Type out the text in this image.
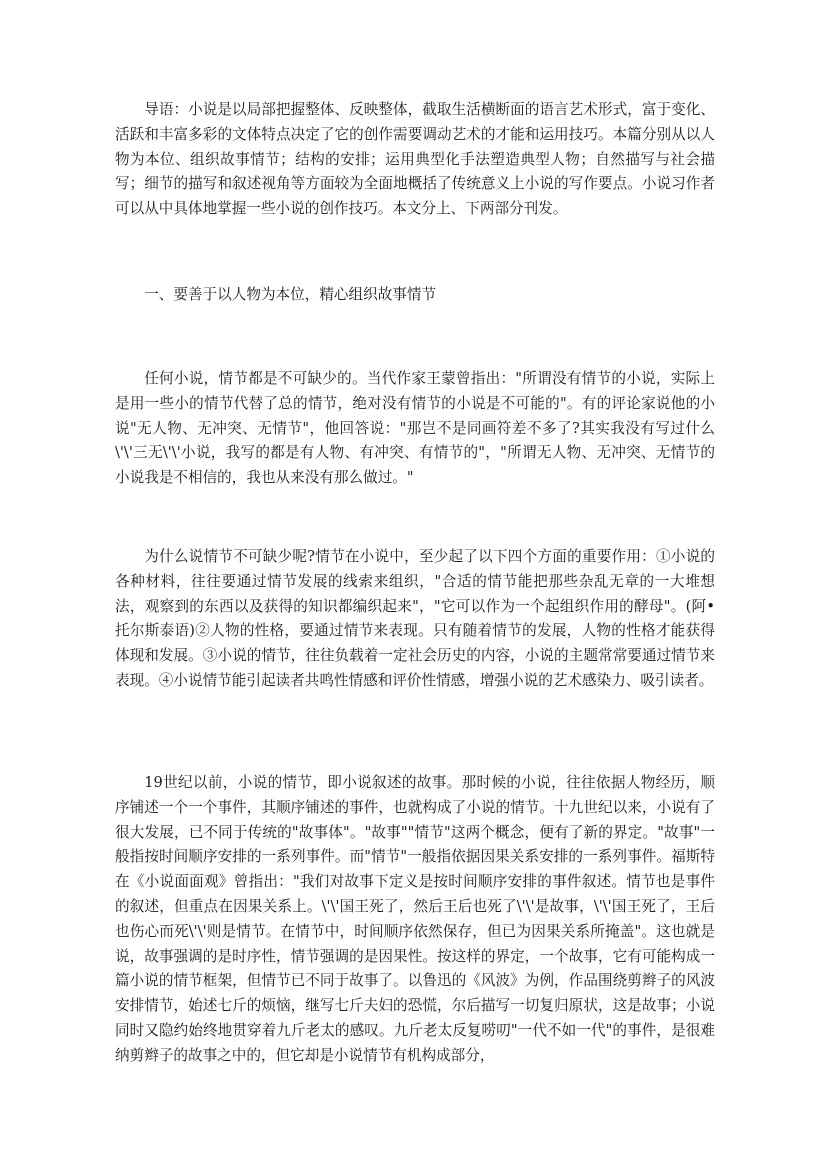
导语：小说是以局部把握整体、反映整体，截取生活横断面的语言艺术形式，富于变化、活跃和丰富多彩的文体特点决定了它的创作需要调动艺术的才能和运用技巧。本篇分别从以人物为本位、组织故事情节；结构的安排；运用典型化手法塑造典型人物；自然描写与社会描写；细节的描写和叙述视角等方面较为全面地概括了传统意义上小说的写作要点。小说习作者可以从中具体地掌握一些小说的创作技巧。本文分上、下两部分刊发。

一、要善于以人物为本位，精心组织故事情节

任何小说，情节都是不可缺少的。当代作家王蒙曾指出："所谓没有情节的小说，实际上是用一些小的情节代替了总的情节，绝对没有情节的小说是不可能的"。有的评论家说他的小说"无人物、无冲突、无情节"，他回答说："那岂不是同画符差不多了?其实我没有写过什么\'\'三无\'\'小说，我写的都是有人物、有冲突、有情节的"，"所谓无人物、无冲突、无情节的小说我是不相信的，我也从来没有那么做过。"

为什么说情节不可缺少呢?情节在小说中，至少起了以下四个方面的重要作用：①小说的各种材料，往往要通过情节发展的线索来组织，"合适的情节能把那些杂乱无章的一大堆想法，观察到的东西以及获得的知识都编织起来"，"它可以作为一个起组织作用的酵母"。(阿•托尔斯泰语)②人物的性格，要通过情节来表现。只有随着情节的发展，人物的性格才能获得体现和发展。③小说的情节，往往负载着一定社会历史的内容，小说的主题常常要通过情节来表现。④小说情节能引起读者共鸣性情感和评价性情感，增强小说的艺术感染力、吸引读者。

19世纪以前，小说的情节，即小说叙述的故事。那时候的小说，往往依据人物经历，顺序铺述一个一个事件，其顺序铺述的事件，也就构成了小说的情节。十九世纪以来，小说有了很大发展，已不同于传统的"故事体"。"故事""情节"这两个概念，便有了新的界定。"故事"一般指按时间顺序安排的一系列事件。而"情节"一般指依据因果关系安排的一系列事件。福斯特在《小说面面观》曾指出："我们对故事下定义是按时间顺序安排的事件叙述。情节也是事件的叙述，但重点在因果关系上。\'\'国王死了，然后王后也死了\'\'是故事，\'\'国王死了，王后也伤心而死\'\'则是情节。在情节中，时间顺序依然保存，但已为因果关系所掩盖"。这也就是说，故事强调的是时序性，情节强调的是因果性。按这样的界定，一个故事，它有可能构成一篇小说的情节框架，但情节已不同于故事了。以鲁迅的《风波》为例，作品围绕剪辫子的风波安排情节，始述七斤的烦恼，继写七斤夫妇的恐慌，尔后描写一切复归原状，这是故事；小说同时又隐约始终地贯穿着九斤老太的感叹。九斤老太反复唠叨"一代不如一代"的事件，是很难纳剪辫子的故事之中的，但它却是小说情节有机构成部分，
